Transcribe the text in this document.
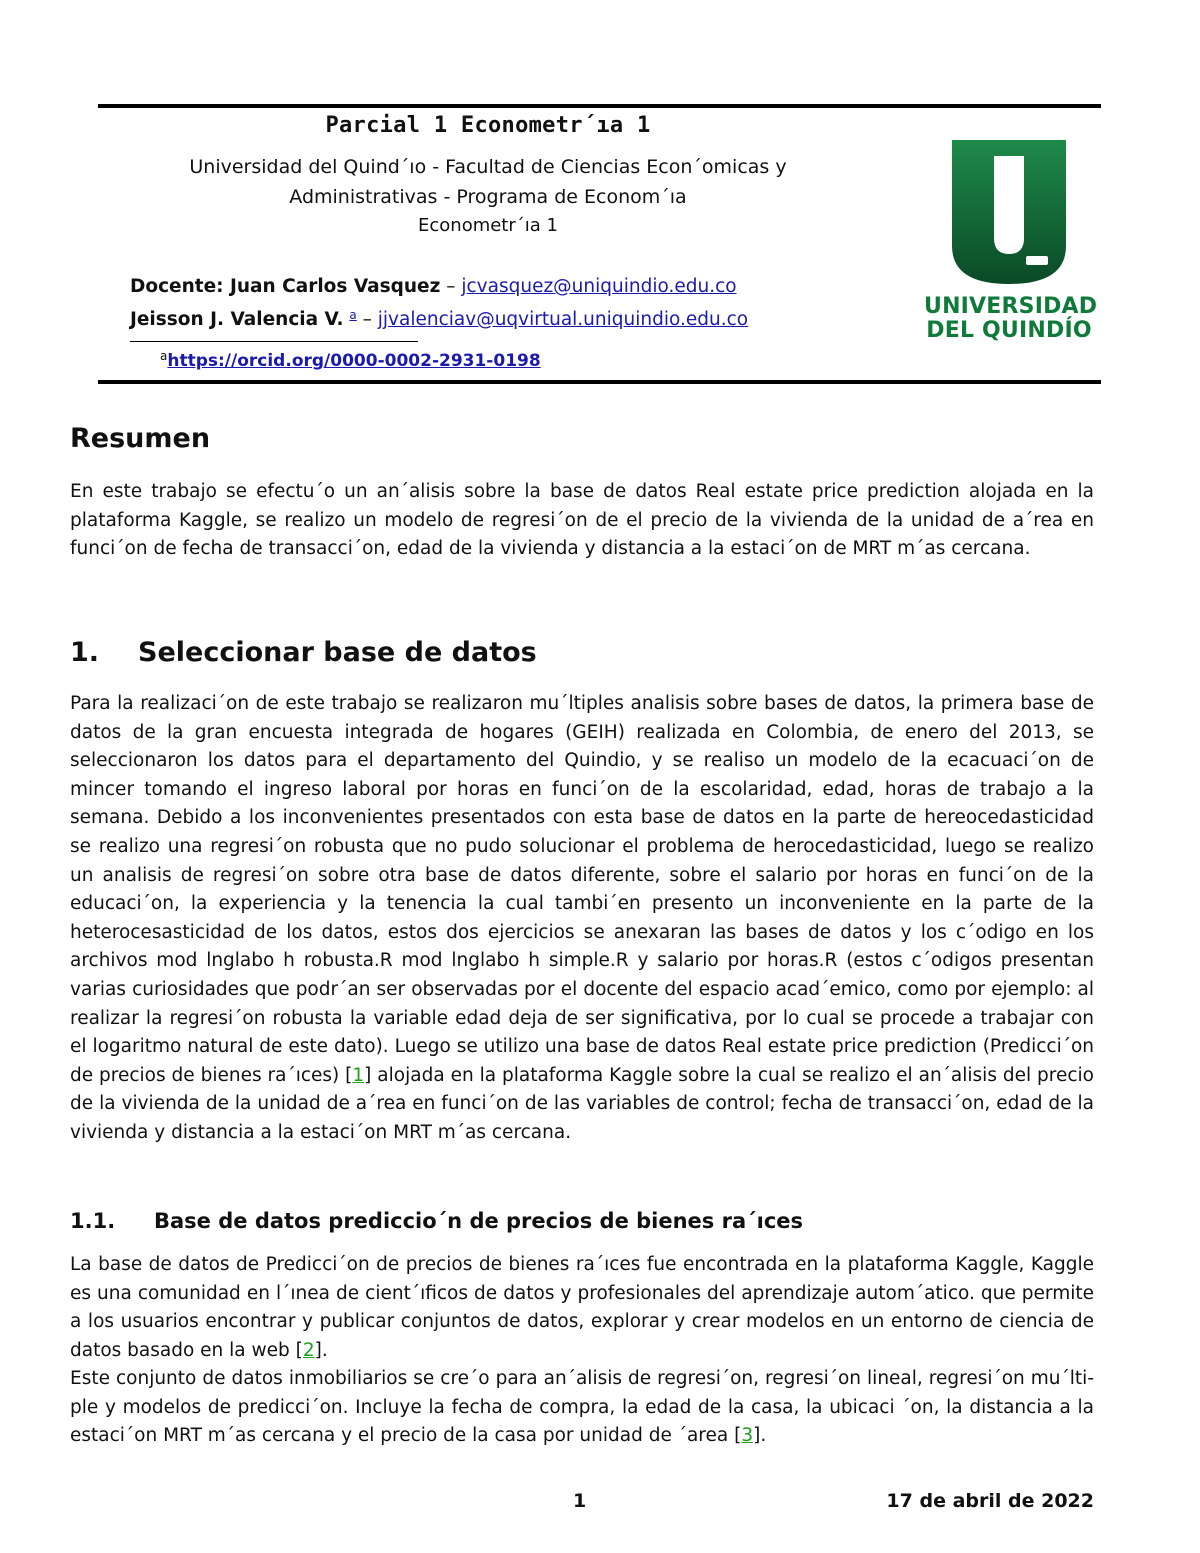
Parcial 1 Econometr´ıa 1
Universidad del Quind´ıo - Facultad de Ciencias Econ´omicas y
Administrativas - Programa de Econom´ıa
Econometr´ıa 1
Docente: Juan Carlos Vasquez – jcvasquez@uniquindio.edu.co
Jeisson J. Valencia V. $^a$ – jjvalenciav@uqvirtual.uniquindio.edu.co
$^a$https://orcid.org/0000-0002-2931-0198
UNIVERSIDAD
DEL QUINDÍO
Resumen
En este trabajo se efectu´o un an´alisis sobre la base de datos Real estate price prediction alojada en la plataforma Kaggle, se realizo un modelo de regresi´on de el precio de la vivienda de la unidad de a´rea en funci´on de fecha de transacci´on, edad de la vivienda y distancia a la estaci´on de MRT m´as cercana.
1. Seleccionar base de datos
Para la realizaci´on de este trabajo se realizaron mu´ltiples analisis sobre bases de datos, la primera base de datos de la gran encuesta integrada de hogares (GEIH) realizada en Colombia, de enero del 2013, se seleccionaron los datos para el departamento del Quindio, y se realiso un modelo de la ecacuaci´on de mincer tomando el ingreso laboral por horas en funci´on de la escolaridad, edad, horas de trabajo a la semana. Debido a los inconvenientes presentados con esta base de datos en la parte de hereocedasticidad se realizo una regresi´on robusta que no pudo solucionar el problema de herocedasticidad, luego se realizo un analisis de regresi´on sobre otra base de datos diferente, sobre el salario por horas en funci´on de la educaci´on, la experiencia y la tenencia la cual tambi´en presento un inconveniente en la parte de la heterocesasticidad de los datos, estos dos ejercicios se anexaran las bases de datos y los c´odigo en los archivos mod lnglabo h robusta.R mod lnglabo h simple.R y salario por horas.R (estos c´odigos presentan varias curiosidades que podr´an ser observadas por el docente del espacio acad´emico, como por ejemplo: al realizar la regresi´on robusta la variable edad deja de ser significativa, por lo cual se procede a trabajar con el logaritmo natural de este dato). Luego se utilizo una base de datos Real estate price prediction (Predicci´on de precios de bienes ra´ıces) [1] alojada en la plataforma Kaggle sobre la cual se realizo el an´alisis del precio de la vivienda de la unidad de a´rea en funci´on de las variables de control; fecha de transacci´on, edad de la vivienda y distancia a la estaci´on MRT m´as cercana.
1.1. Base de datos prediccio´n de precios de bienes ra´ıces
La base de datos de Predicci´on de precios de bienes ra´ıces fue encontrada en la plataforma Kaggle, Kaggle es una comunidad en l´ınea de cient´ıficos de datos y profesionales del aprendizaje autom´atico. que permite a los usuarios encontrar y publicar conjuntos de datos, explorar y crear modelos en un entorno de ciencia de datos basado en la web [2].
Este conjunto de datos inmobiliarios se cre´o para an´alisis de regresi´on, regresi´on lineal, regresi´on mu´lti- ple y modelos de predicci´on. Incluye la fecha de compra, la edad de la casa, la ubicaci ´on, la distancia a la estaci´on MRT m´as cercana y el precio de la casa por unidad de ´area [3].
1	17 de abril de 2022
